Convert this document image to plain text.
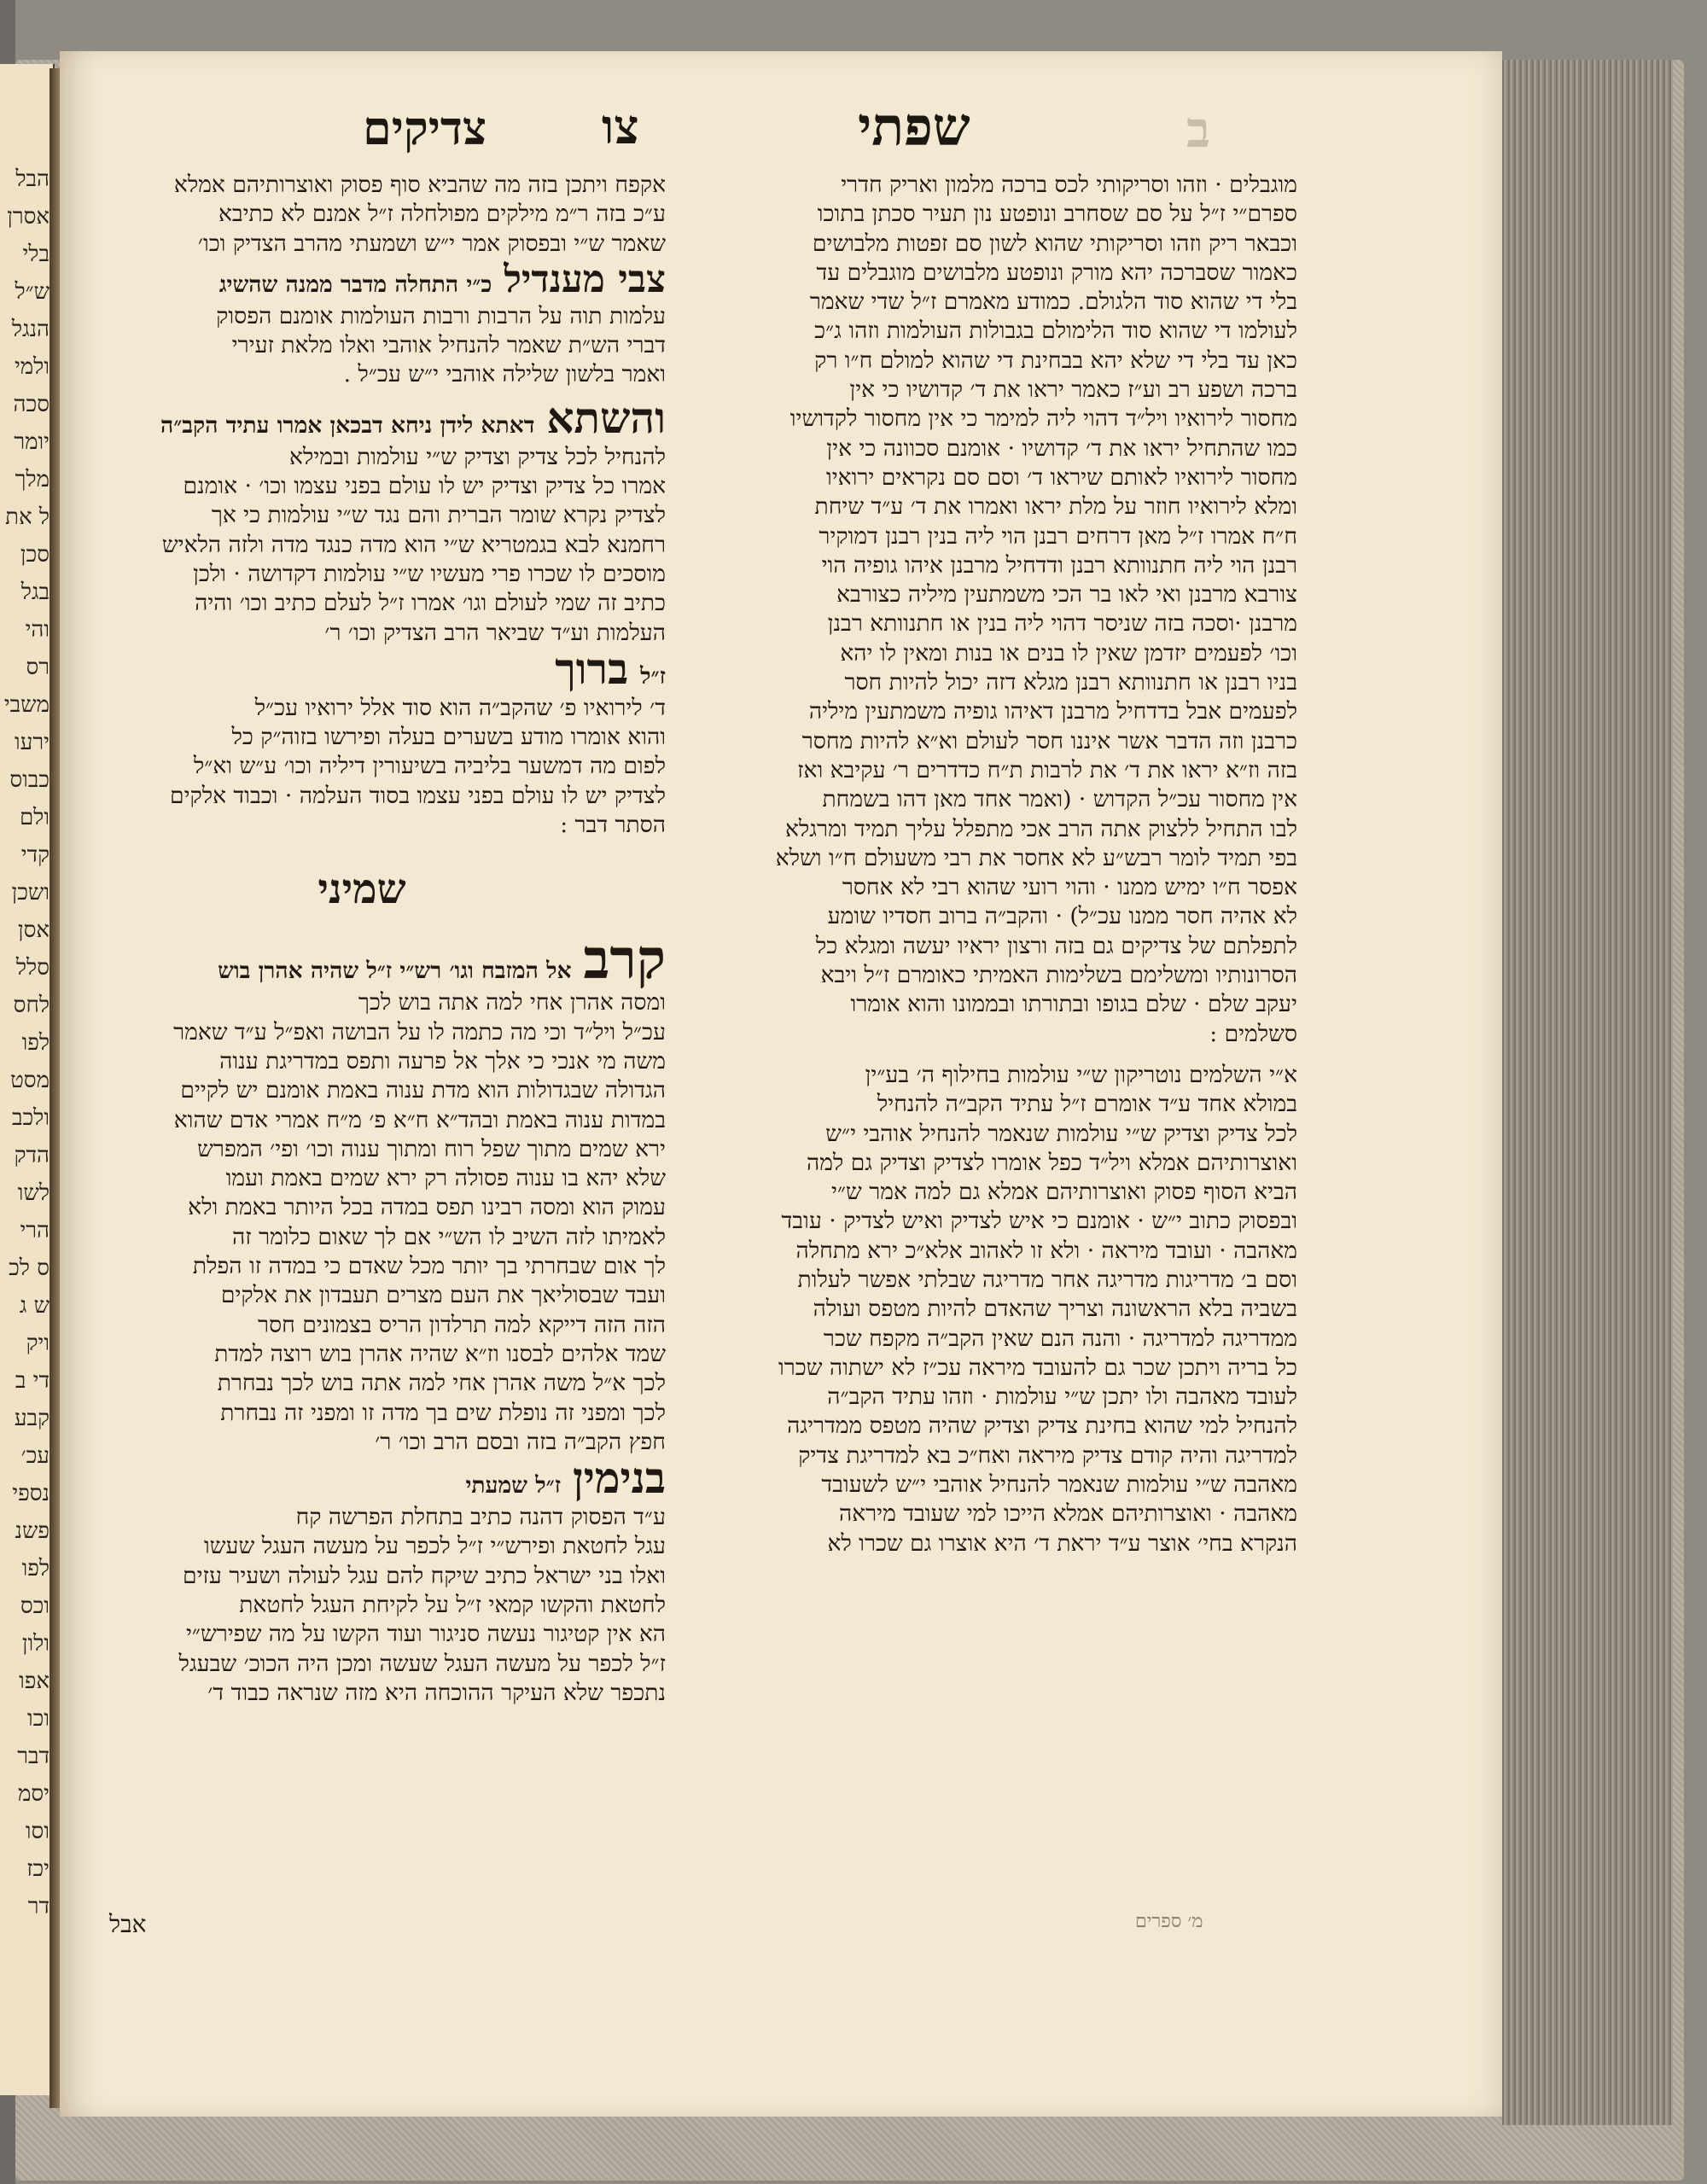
הבל
אסרן
בלי
ש״ל
הנגל
ולמי
סכה
יומר
מלך
ל את
סכן
בגל
והי
רס
משבי
ירעו
כבוס
ולם
קדי
ושכן
אסן
סלל
לחס
לפו
מסט
ולכב
הדק
לשו
הרי
ס לכ
ש ג
ויק
די ב
קבע
עכ׳
נספי
פשנ
לפו
וכס
ולון
אפו
וכו
דבר
יסמ
וסו
יכז
דר
ב
שפתי
צו
צדיקים
מוגבלים · וזהו וסריקותי לכס ברכה מלמון ואריק חדרי
ספרם״י ז״ל על סם שסחרב ונופטע נון תעיר סכתן בתוכו
וכבאר ריק וזהו וסריקותי שהוא לשון סם זפטות מלבושים
כאמור שסברכה יהא מורק ונופטע מלבושים מוגבלים עד
בלי די שהוא סוד הלגולם. כמודע מאמרם ז״ל שדי שאמר
לעולמו די שהוא סוד הלימולם בגבולות העולמות וזהו ג״כ
כאן עד בלי די שלא יהא בבחינת די שהוא למולם ח״ו רק
ברכה ושפע רב וע״ז כאמר יראו את ד׳ קדושיו כי אין
מחסור לירואיו ויל״ד דהוי ליה למימר כי אין מחסור לקדושיו
כמו שהתחיל יראו את ד׳ קדושיו · אומנם סכוונה כי אין
מחסור לירואיו לאותם שיראו ד׳ וסם סם נקראים ירואיו
ומלא לירואיו חוזר על מלת יראו ואמרו את ד׳ ע״ד שיחת
ח״ח אמרו ז״ל מאן דרחים רבנן הוי ליה בנין רבנן דמוקיר
רבנן הוי ליה חתנוותא רבנן ודדחיל מרבנן איהו גופיה הוי
צורבא מרבנן ואי לאו בר הכי משמתעין מיליה כצורבא
מרבנן ·וסכה בזה שניסר דהוי ליה בנין או חתנוותא רבנן
וכו׳ לפעמים יזדמן שאין לו בנים או בנות ומאין לו יהא
בניו רבנן או חתנוותא רבנן מגלא דזה יכול להיות חסר
לפעמים אבל בדדחיל מרבנן דאיהו גופיה משמתעין מיליה
כרבנן וזה הדבר אשר איננו חסר לעולם וא״א להיות מחסר
בזה וז״א יראו את ד׳ את לרבות ת״ח כדדרים ר׳ עקיבא ואז
אין מחסור עכ״ל הקדוש · (ואמר אחד מאן דהו בשמחת
לבו התחיל ללצוק אתה הרב אכי מתפלל עליך תמיד ומרגלא
בפי תמיד לומר רבש״ע לא אחסר את רבי משעולם ח״ו ושלא
אפסר ח״ו ימיש ממנו · והוי רועי שהוא רבי לא אחסר
לא אהיה חסר ממנו עכ״ל) · והקב״ה ברוב חסדיו שומע
לתפלתם של צדיקים גם בזה ורצון יראיו יעשה ומגלא כל
הסרונותיו ומשלימם בשלימות האמיתי כאומרם ז״ל ויבא
יעקב שלם · שלם בגופו ובתורתו ובממונו והוא אומרו
סשלמים :
א״י השלמים נוטריקון ש״י עולמות בחילוף ה׳ בע״ין
במולא אחד ע״ד אומרם ז״ל עתיד הקב״ה להנחיל
לכל צדיק וצדיק ש״י עולמות שנאמר להנחיל אוהבי י״ש
ואוצרותיהם אמלא ויל״ד כפל אומרו לצדיק וצדיק גם למה
הביא הסוף פסוק ואוצרותיהם אמלא גם למה אמר ש״י
ובפסוק כתוב י״ש · אומנם כי איש לצדיק ואיש לצדיק · עובד
מאהבה · ועובד מיראה · ולא זו לאהוב אלא״כ ירא מתחלה
וסם ב׳ מדריגות מדריגה אחר מדריגה שבלתי אפשר לעלות
בשביה בלא הראשונה וצריך שהאדם להיות מטפס ועולה
ממדריגה למדריגה · והנה הנם שאין הקב״ה מקפח שכר
כל בריה ויתכן שכר גם להעובד מיראה עכ״ז לא ישתוה שכרו
לעובד מאהבה ולו יתכן ש״י עולמות · וזהו עתיד הקב״ה
להנחיל למי שהוא בחינת צדיק וצדיק שהיה מטפס ממדריגה
למדריגה והיה קודם צדיק מיראה ואח״כ בא למדריגת צדיק
מאהבה ש״י עולמות שנאמר להנחיל אוהבי י״ש לשעובד
מאהבה · ואוצרותיהם אמלא הייכו למי שעובד מיראה
הנקרא בחי׳ אוצר ע״ד יראת ד׳ היא אוצרו גם שכרו לא
אקפח ויתכן בזה מה שהביא סוף פסוק ואוצרותיהם אמלא
ע״כ בזה ר״מ מילקים מפולחלה ז״ל אמנם לא כתיבא
שאמר ש״י ובפסוק אמר י״ש ושמעתי מהרב הצדיק וכו׳
צבי מענדיל כ״י התחלה מדבר ממנה שהשיג
עלמות תוה על הרבות ורבות העולמות אומנם הפסוק
דברי הש״ת שאמר להנחיל אוהבי ואלו מלאת זעירי
ואמר בלשון שלילה אוהבי י״ש עכ״ל .
והשתא דאתא לידן ניחא דבכאן אמרו עתיד הקב״ה
להנחיל לכל צדיק וצדיק ש״י עולמות ובמילא
אמרו כל צדיק וצדיק יש לו עולם בפני עצמו וכו׳ · אומנם
לצדיק נקרא שומר הברית והם נגד ש״י עולמות כי אך
רחמנא לבא בגמטריא ש״י הוא מדה כנגד מדה ולזה הלאיש
מוסכים לו שכרו פרי מעשיו ש״י עולמות דקדושה · ולכן
כתיב זה שמי לעולם וגו׳ אמרו ז״ל לעלם כתיב וכו׳ והיה
העלמות וע״ד שביאר הרב הצדיק וכו׳ ר׳
ז״ל ברוך
ד׳ לירואיו פ׳ שהקב״ה הוא סוד אלל ירואיו עכ״ל
והוא אומרו מודע בשערים בעלה ופירשו בזוה״ק כל
לפום מה דמשער בליביה בשיעורין דיליה וכו׳ ע״ש וא״ל
לצדיק יש לו עולם בפני עצמו בסוד העלמה · וכבוד אלקים
הסתר דבר :
שמיני
קרב אל המזבח וגו׳ רש״י ז״ל שהיה אהרן בוש
ומסה אהרן אחי למה אתה בוש לכך
עכ״ל ויל״ד וכי מה כתמה לו על הבושה ואפ״ל ע״ד שאמר
משה מי אנכי כי אלך אל פרעה ותפס במדריגת ענוה
הגדולה שבגדולות הוא מדת ענוה באמת אומנם יש לקיים
במדות ענוה באמת ובהד״א ח״א פ׳ מ״ח אמרי אדם שהוא
ירא שמים מתוך שפל רוח ומתוך ענוה וכו׳ ופי׳ המפרש
שלא יהא בו ענוה פסולה רק ירא שמים באמת ועמו
עמוק הוא ומסה רבינו תפס במדה בכל היותר באמת ולא
לאמיתו לזה השיב לו הש״י אם לך שאום כלומר זה
לך אום שבחרתי בך יותר מכל שאדם כי במדה זו הפלת
ועבד שבסוליאך את העם מצרים תעבדון את אלקים
הזה הזה דייקא למה תרלדון הריס בצמונים חסר
שמד אלהים לבסנו וז״א שהיה אהרן בוש רוצה למדת
לכך א״ל משה אהרן אחי למה אתה בוש לכך נבחרת
לכך ומפני זה נופלת שים בך מדה זו ומפני זה נבחרת
חפץ הקב״ה בזה ובסם הרב וכו׳ ר׳
בנימין ז״ל שמעתי
ע״ד הפסוק דהנה כתיב בתחלת הפרשה קח
עגל לחטאת ופירש״י ז״ל לכפר על מעשה העגל שעשו
ואלו בני ישראל כתיב שיקח להם עגל לעולה ושעיר עזים
לחטאת והקשו קמאי ז״ל על לקיחת העגל לחטאת
הא אין קטיגור נעשה סניגור ועוד הקשו על מה שפירש״י
ז״ל לכפר על מעשה העגל שעשה ומכן היה הכוכ׳ שבעגל
נתכפר שלא העיקר ההוכחה היא מזה שנראה כבוד ד׳
אבל	מ׳ ספרים
